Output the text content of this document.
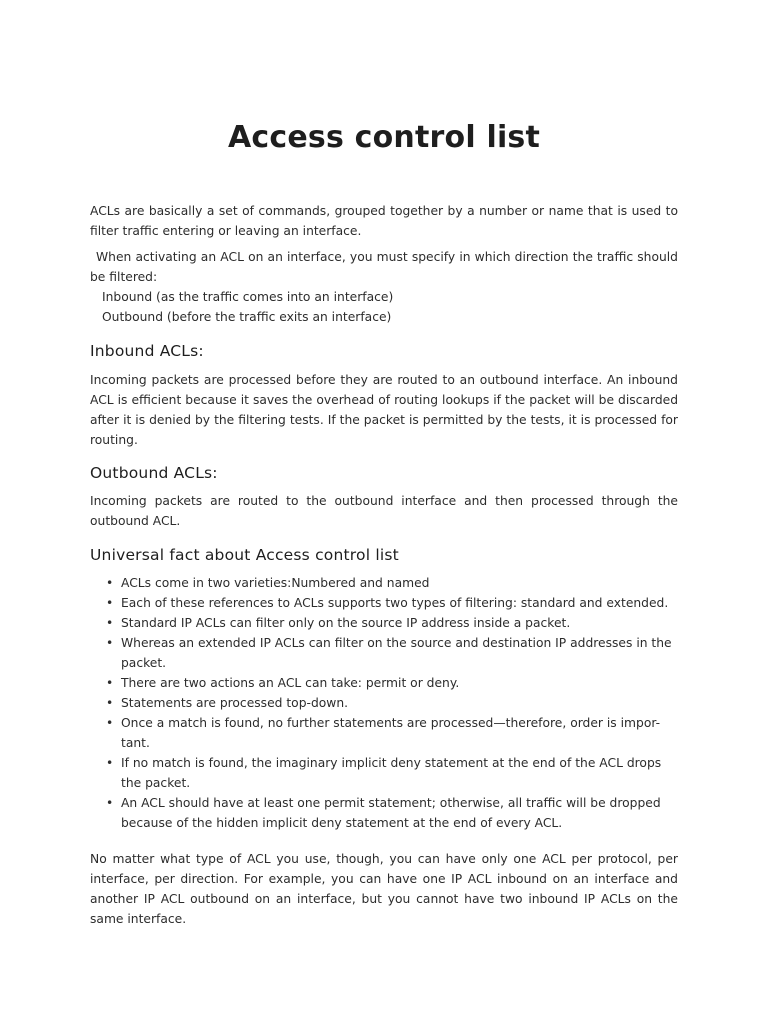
Access control list

ACLs are basically a set of commands, grouped together by a number or name that is used to filter traffic entering or leaving an interface.

When activating an ACL on an interface, you must specify in which direction the traffic should be filtered:

Inbound (as the traffic comes into an interface)

Outbound (before the traffic exits an interface)

Inbound ACLs:

Incoming packets are processed before they are routed to an outbound interface. An inbound ACL is efficient because it saves the overhead of routing lookups if the packet will be discarded after it is denied by the filtering tests. If the packet is permitted by the tests, it is processed for routing.

Outbound ACLs:

Incoming packets are routed to the outbound interface and then processed through the outbound ACL.

Universal fact about Access control list
• ACLs come in two varieties:Numbered and named
• Each of these references to ACLs supports two types of filtering: standard and extended.
• Standard IP ACLs can filter only on the source IP address inside a packet.
• Whereas an extended IP ACLs can filter on the source and destination IP addresses in the packet.
• There are two actions an ACL can take: permit or deny.
• Statements are processed top-down.
• Once a match is found, no further statements are processed—therefore, order is impor-tant.
• If no match is found, the imaginary implicit deny statement at the end of the ACL drops the packet.
• An ACL should have at least one permit statement; otherwise, all traffic will be dropped because of the hidden implicit deny statement at the end of every ACL.

No matter what type of ACL you use, though, you can have only one ACL per protocol, per interface, per direction. For example, you can have one IP ACL inbound on an interface and another IP ACL outbound on an interface, but you cannot have two inbound IP ACLs on the same interface.
